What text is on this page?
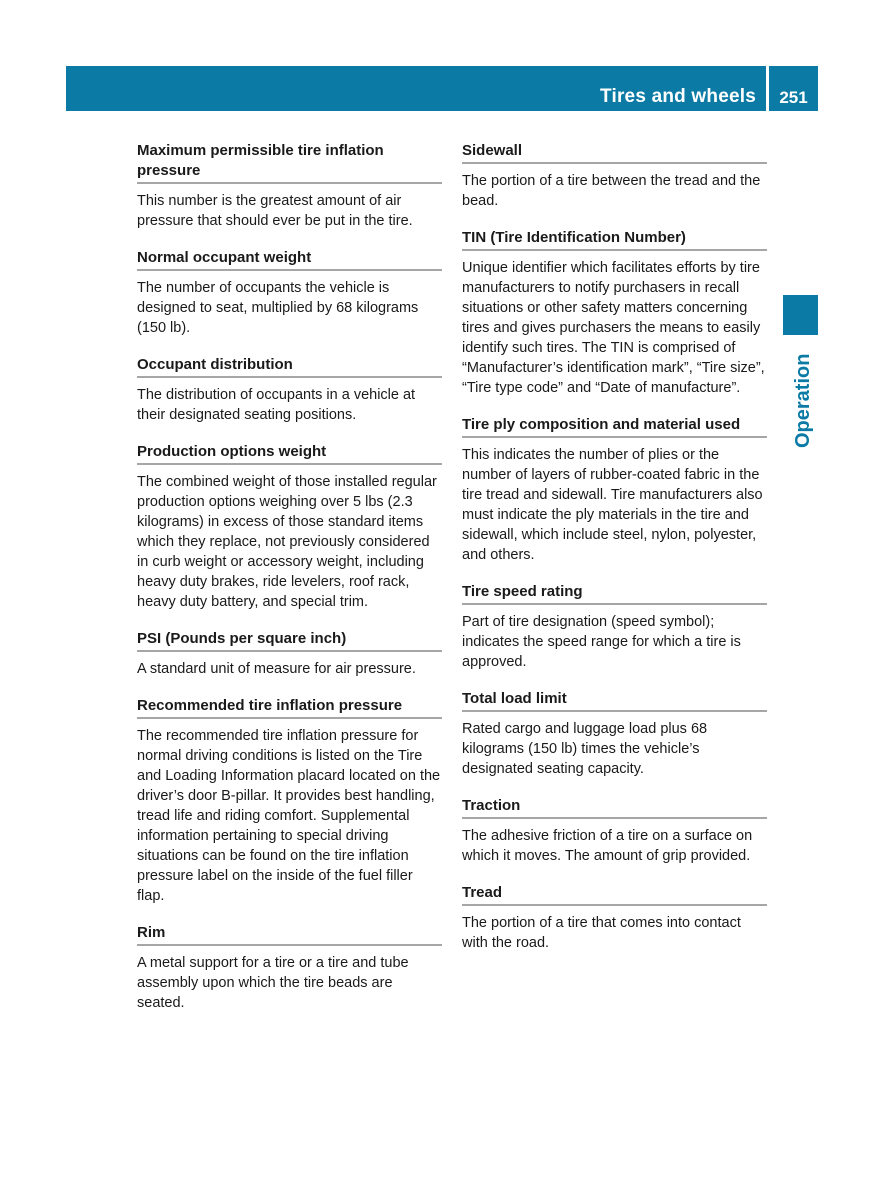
Tires and wheels	251
Operation
Maximum permissible tire inflation pressure
This number is the greatest amount of air pressure that should ever be put in the tire.
Normal occupant weight
The number of occupants the vehicle is designed to seat, multiplied by 68 kilograms (150 lb).
Occupant distribution
The distribution of occupants in a vehicle at their designated seating positions.
Production options weight
The combined weight of those installed regular production options weighing over 5 lbs (2.3 kilograms) in excess of those standard items which they replace, not previously considered in curb weight or accessory weight, including heavy duty brakes, ride levelers, roof rack, heavy duty battery, and special trim.
PSI (Pounds per square inch)
A standard unit of measure for air pressure.
Recommended tire inflation pressure
The recommended tire inflation pressure for normal driving conditions is listed on the Tire and Loading Information placard located on the driver’s door B-pillar. It provides best handling, tread life and riding comfort. Supplemental information pertaining to special driving situations can be found on the tire inflation pressure label on the inside of the fuel filler flap.
Rim
A metal support for a tire or a tire and tube assembly upon which the tire beads are seated.
Sidewall
The portion of a tire between the tread and the bead.
TIN (Tire Identification Number)
Unique identifier which facilitates efforts by tire manufacturers to notify purchasers in recall situations or other safety matters concerning tires and gives purchasers the means to easily identify such tires. The TIN is comprised of “Manufacturer’s identification mark”, “Tire size”, “Tire type code” and “Date of manufacture”.
Tire ply composition and material used
This indicates the number of plies or the number of layers of rubber-coated fabric in the tire tread and sidewall. Tire manufacturers also must indicate the ply materials in the tire and sidewall, which include steel, nylon, polyester, and others.
Tire speed rating
Part of tire designation (speed symbol); indicates the speed range for which a tire is approved.
Total load limit
Rated cargo and luggage load plus 68 kilograms (150 lb) times the vehicle’s designated seating capacity.
Traction
The adhesive friction of a tire on a surface on which it moves. The amount of grip provided.
Tread
The portion of a tire that comes into contact with the road.
